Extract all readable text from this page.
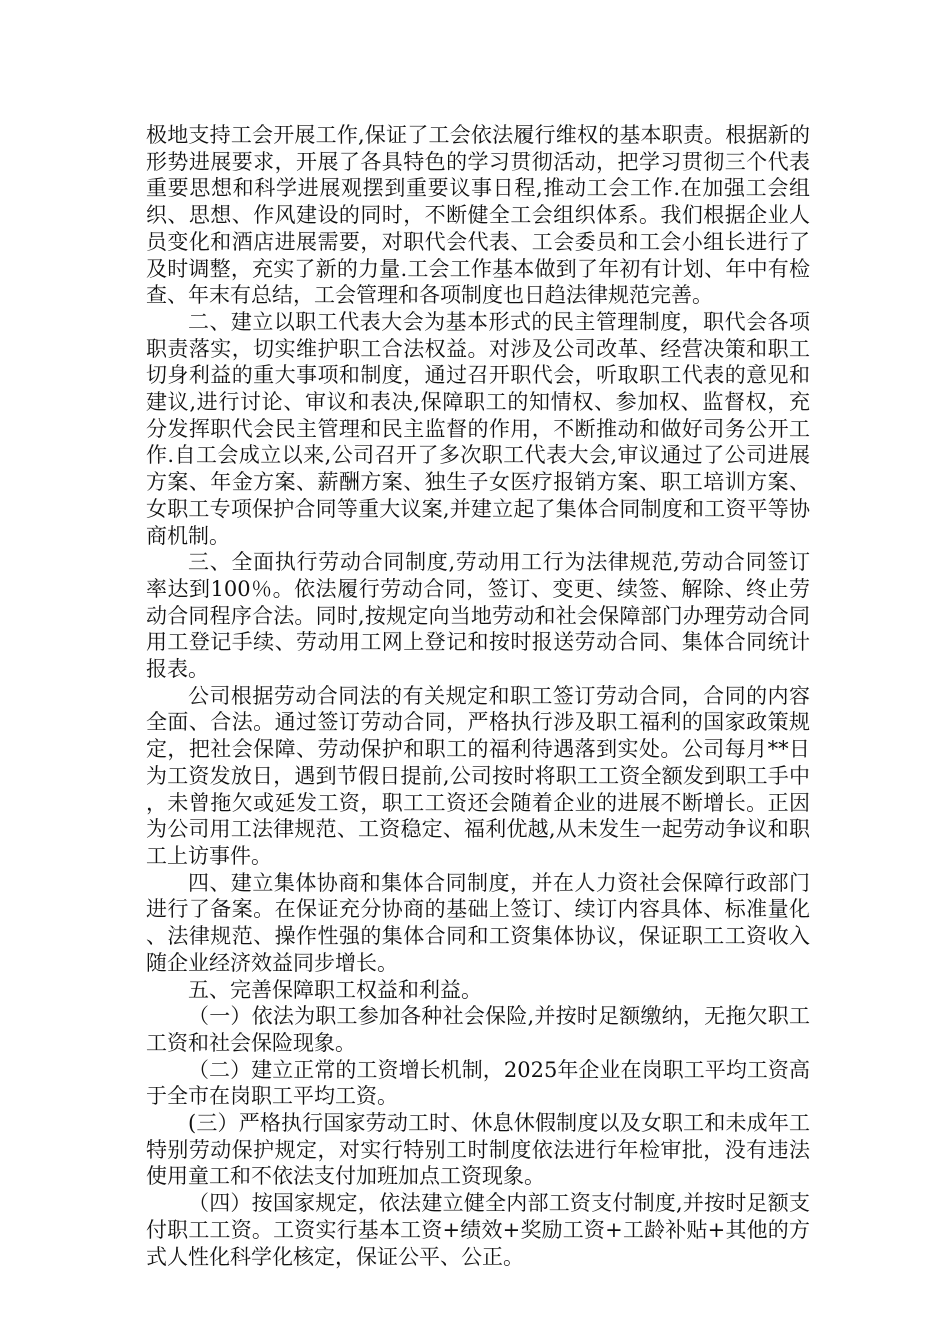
极地支持工会开展工作,保证了工会依法履行维权的基本职责。根据新的形势进展要求，开展了各具特色的学习贯彻活动，把学习贯彻三个代表重要思想和科学进展观摆到重要议事日程,推动工会工作.在加强工会组织、思想、作风建设的同时，不断健全工会组织体系。我们根据企业人员变化和酒店进展需要，对职代会代表、工会委员和工会小组长进行了及时调整，充实了新的力量.工会工作基本做到了年初有计划、年中有检查、年末有总结，工会管理和各项制度也日趋法律规范完善。

二、建立以职工代表大会为基本形式的民主管理制度，职代会各项职责落实，切实维护职工合法权益。对涉及公司改革、经营决策和职工切身利益的重大事项和制度，通过召开职代会，听取职工代表的意见和建议,进行讨论、审议和表决,保障职工的知情权、参加权、监督权，充分发挥职代会民主管理和民主监督的作用，不断推动和做好司务公开工作.自工会成立以来,公司召开了多次职工代表大会,审议通过了公司进展方案、年金方案、薪酬方案、独生子女医疗报销方案、职工培训方案、女职工专项保护合同等重大议案,并建立起了集体合同制度和工资平等协商机制。

三、全面执行劳动合同制度,劳动用工行为法律规范,劳动合同签订率达到100％。依法履行劳动合同，签订、变更、续签、解除、终止劳动合同程序合法。同时,按规定向当地劳动和社会保障部门办理劳动合同用工登记手续、劳动用工网上登记和按时报送劳动合同、集体合同统计报表。

公司根据劳动合同法的有关规定和职工签订劳动合同，合同的内容全面、合法。通过签订劳动合同，严格执行涉及职工福利的国家政策规定，把社会保障、劳动保护和职工的福利待遇落到实处。公司每月**日为工资发放日，遇到节假日提前,公司按时将职工工资全额发到职工手中，未曾拖欠或延发工资，职工工资还会随着企业的进展不断增长。正因为公司用工法律规范、工资稳定、福利优越,从未发生一起劳动争议和职工上访事件。

四、建立集体协商和集体合同制度，并在人力资社会保障行政部门进行了备案。在保证充分协商的基础上签订、续订内容具体、标准量化、法律规范、操作性强的集体合同和工资集体协议，保证职工工资收入随企业经济效益同步增长。

五、完善保障职工权益和利益。

（一）依法为职工参加各种社会保险,并按时足额缴纳，无拖欠职工工资和社会保险现象。

（二）建立正常的工资增长机制，2025年企业在岗职工平均工资高于全市在岗职工平均工资。

(三）严格执行国家劳动工时、休息休假制度以及女职工和未成年工特别劳动保护规定，对实行特别工时制度依法进行年检审批，没有违法使用童工和不依法支付加班加点工资现象。

（四）按国家规定，依法建立健全内部工资支付制度,并按时足额支付职工工资。工资实行基本工资+绩效+奖励工资+工龄补贴+其他的方式人性化科学化核定，保证公平、公正。
